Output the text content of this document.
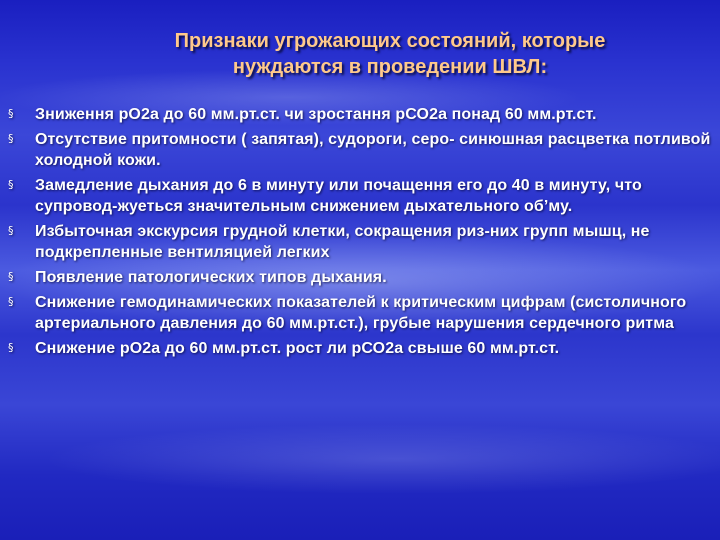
Признаки угрожающих состояний, которые
нуждаются в проведении ШВЛ:
§ Зниження рО2а до 60 мм.рт.ст. чи зростання рСО2а понад 60 мм.рт.ст.
§ Отсутствие притомности ( запятая), судороги, серо- синюшная расцветка потливой холодной кожи.
§ Замедление дыхания до 6 в минуту или почащення его до 40 в минуту, что супровод-жуеться значительным снижением дыхательного об’му.
§ Избыточная экскурсия грудной клетки, сокращения риз-них групп мышц, не подкрепленные вентиляцией легких
§ Появление патологических типов дыхания.
§ Снижение гемодинамических показателей к критическим цифрам (систоличного артериального давления до 60 мм.рт.ст.), грубые нарушения сердечного ритма
§ Снижение рО2а до 60 мм.рт.ст. рост ли рСО2а свыше 60 мм.рт.ст.
